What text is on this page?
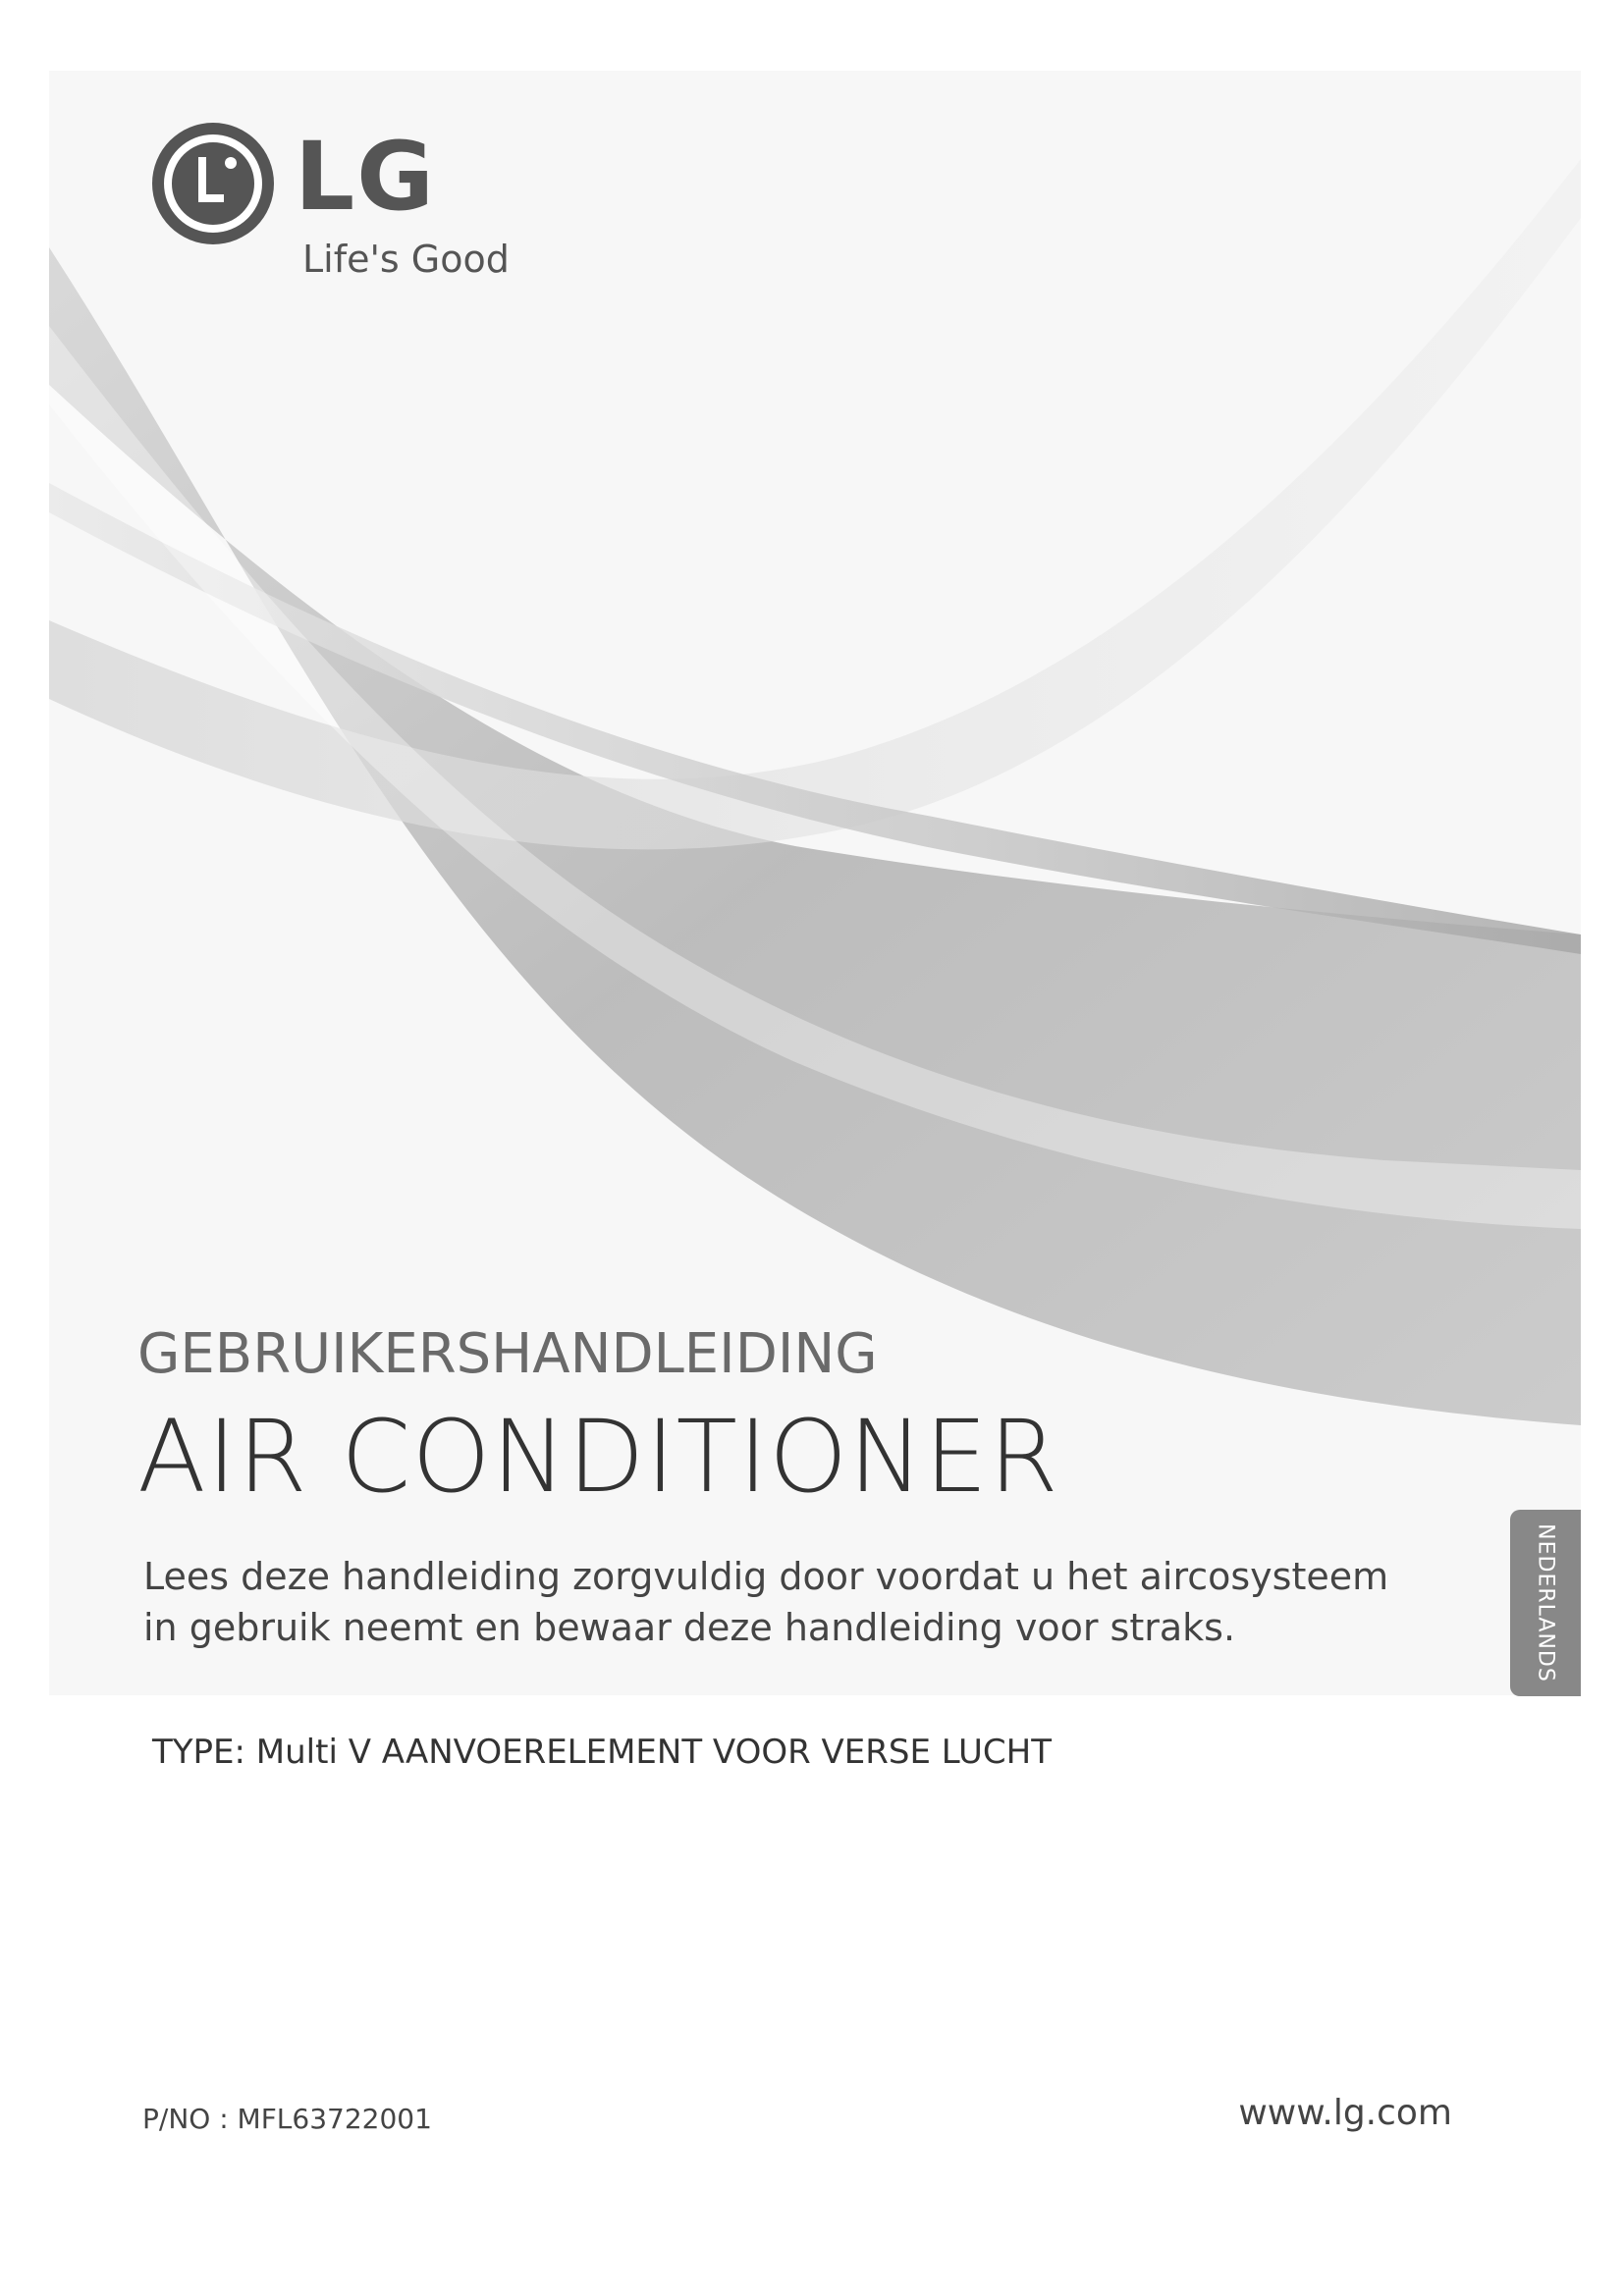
LG
Life's Good
GEBRUIKERSHANDLEIDING
AIR CONDITIONER
Lees deze handleiding zorgvuldig door voordat u het aircosysteem
in gebruik neemt en bewaar deze handleiding voor straks.	NEDERLANDS
TYPE: Multi V AANVOERELEMENT VOOR VERSE LUCHT
P/NO : MFL63722001	www.lg.com
